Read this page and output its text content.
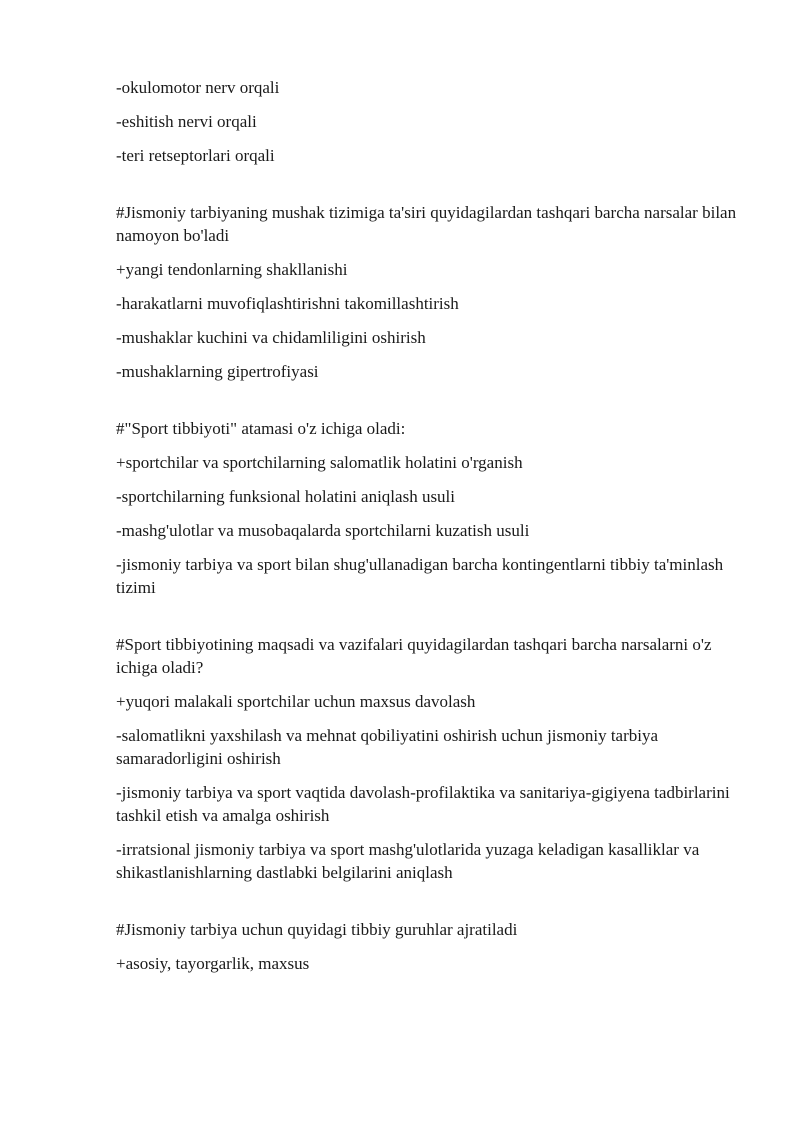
-okulomotor nerv orqali

-eshitish nervi orqali

-teri retseptorlari orqali

#Jismoniy tarbiyaning mushak tizimiga ta'siri quyidagilardan tashqari barcha narsalar bilan namoyon bo'ladi

+yangi tendonlarning shakllanishi

-harakatlarni muvofiqlashtirishni takomillashtirish

-mushaklar kuchini va chidamliligini oshirish

-mushaklarning gipertrofiyasi

#"Sport tibbiyoti" atamasi o'z ichiga oladi:

+sportchilar va sportchilarning salomatlik holatini o'rganish

-sportchilarning funksional holatini aniqlash usuli

-mashg'ulotlar va musobaqalarda sportchilarni kuzatish usuli

-jismoniy tarbiya va sport bilan shug'ullanadigan barcha kontingentlarni tibbiy ta'minlash tizimi

#Sport tibbiyotining maqsadi va vazifalari quyidagilardan tashqari barcha narsalarni o'z ichiga oladi?

+yuqori malakali sportchilar uchun maxsus davolash

-salomatlikni yaxshilash va mehnat qobiliyatini oshirish uchun jismoniy tarbiya samaradorligini oshirish

-jismoniy tarbiya va sport vaqtida davolash-profilaktika va sanitariya-gigiyena tadbirlarini tashkil etish va amalga oshirish

-irratsional jismoniy tarbiya va sport mashg'ulotlarida yuzaga keladigan kasalliklar va shikastlanishlarning dastlabki belgilarini aniqlash

#Jismoniy tarbiya uchun quyidagi tibbiy guruhlar ajratiladi

+asosiy, tayorgarlik, maxsus
